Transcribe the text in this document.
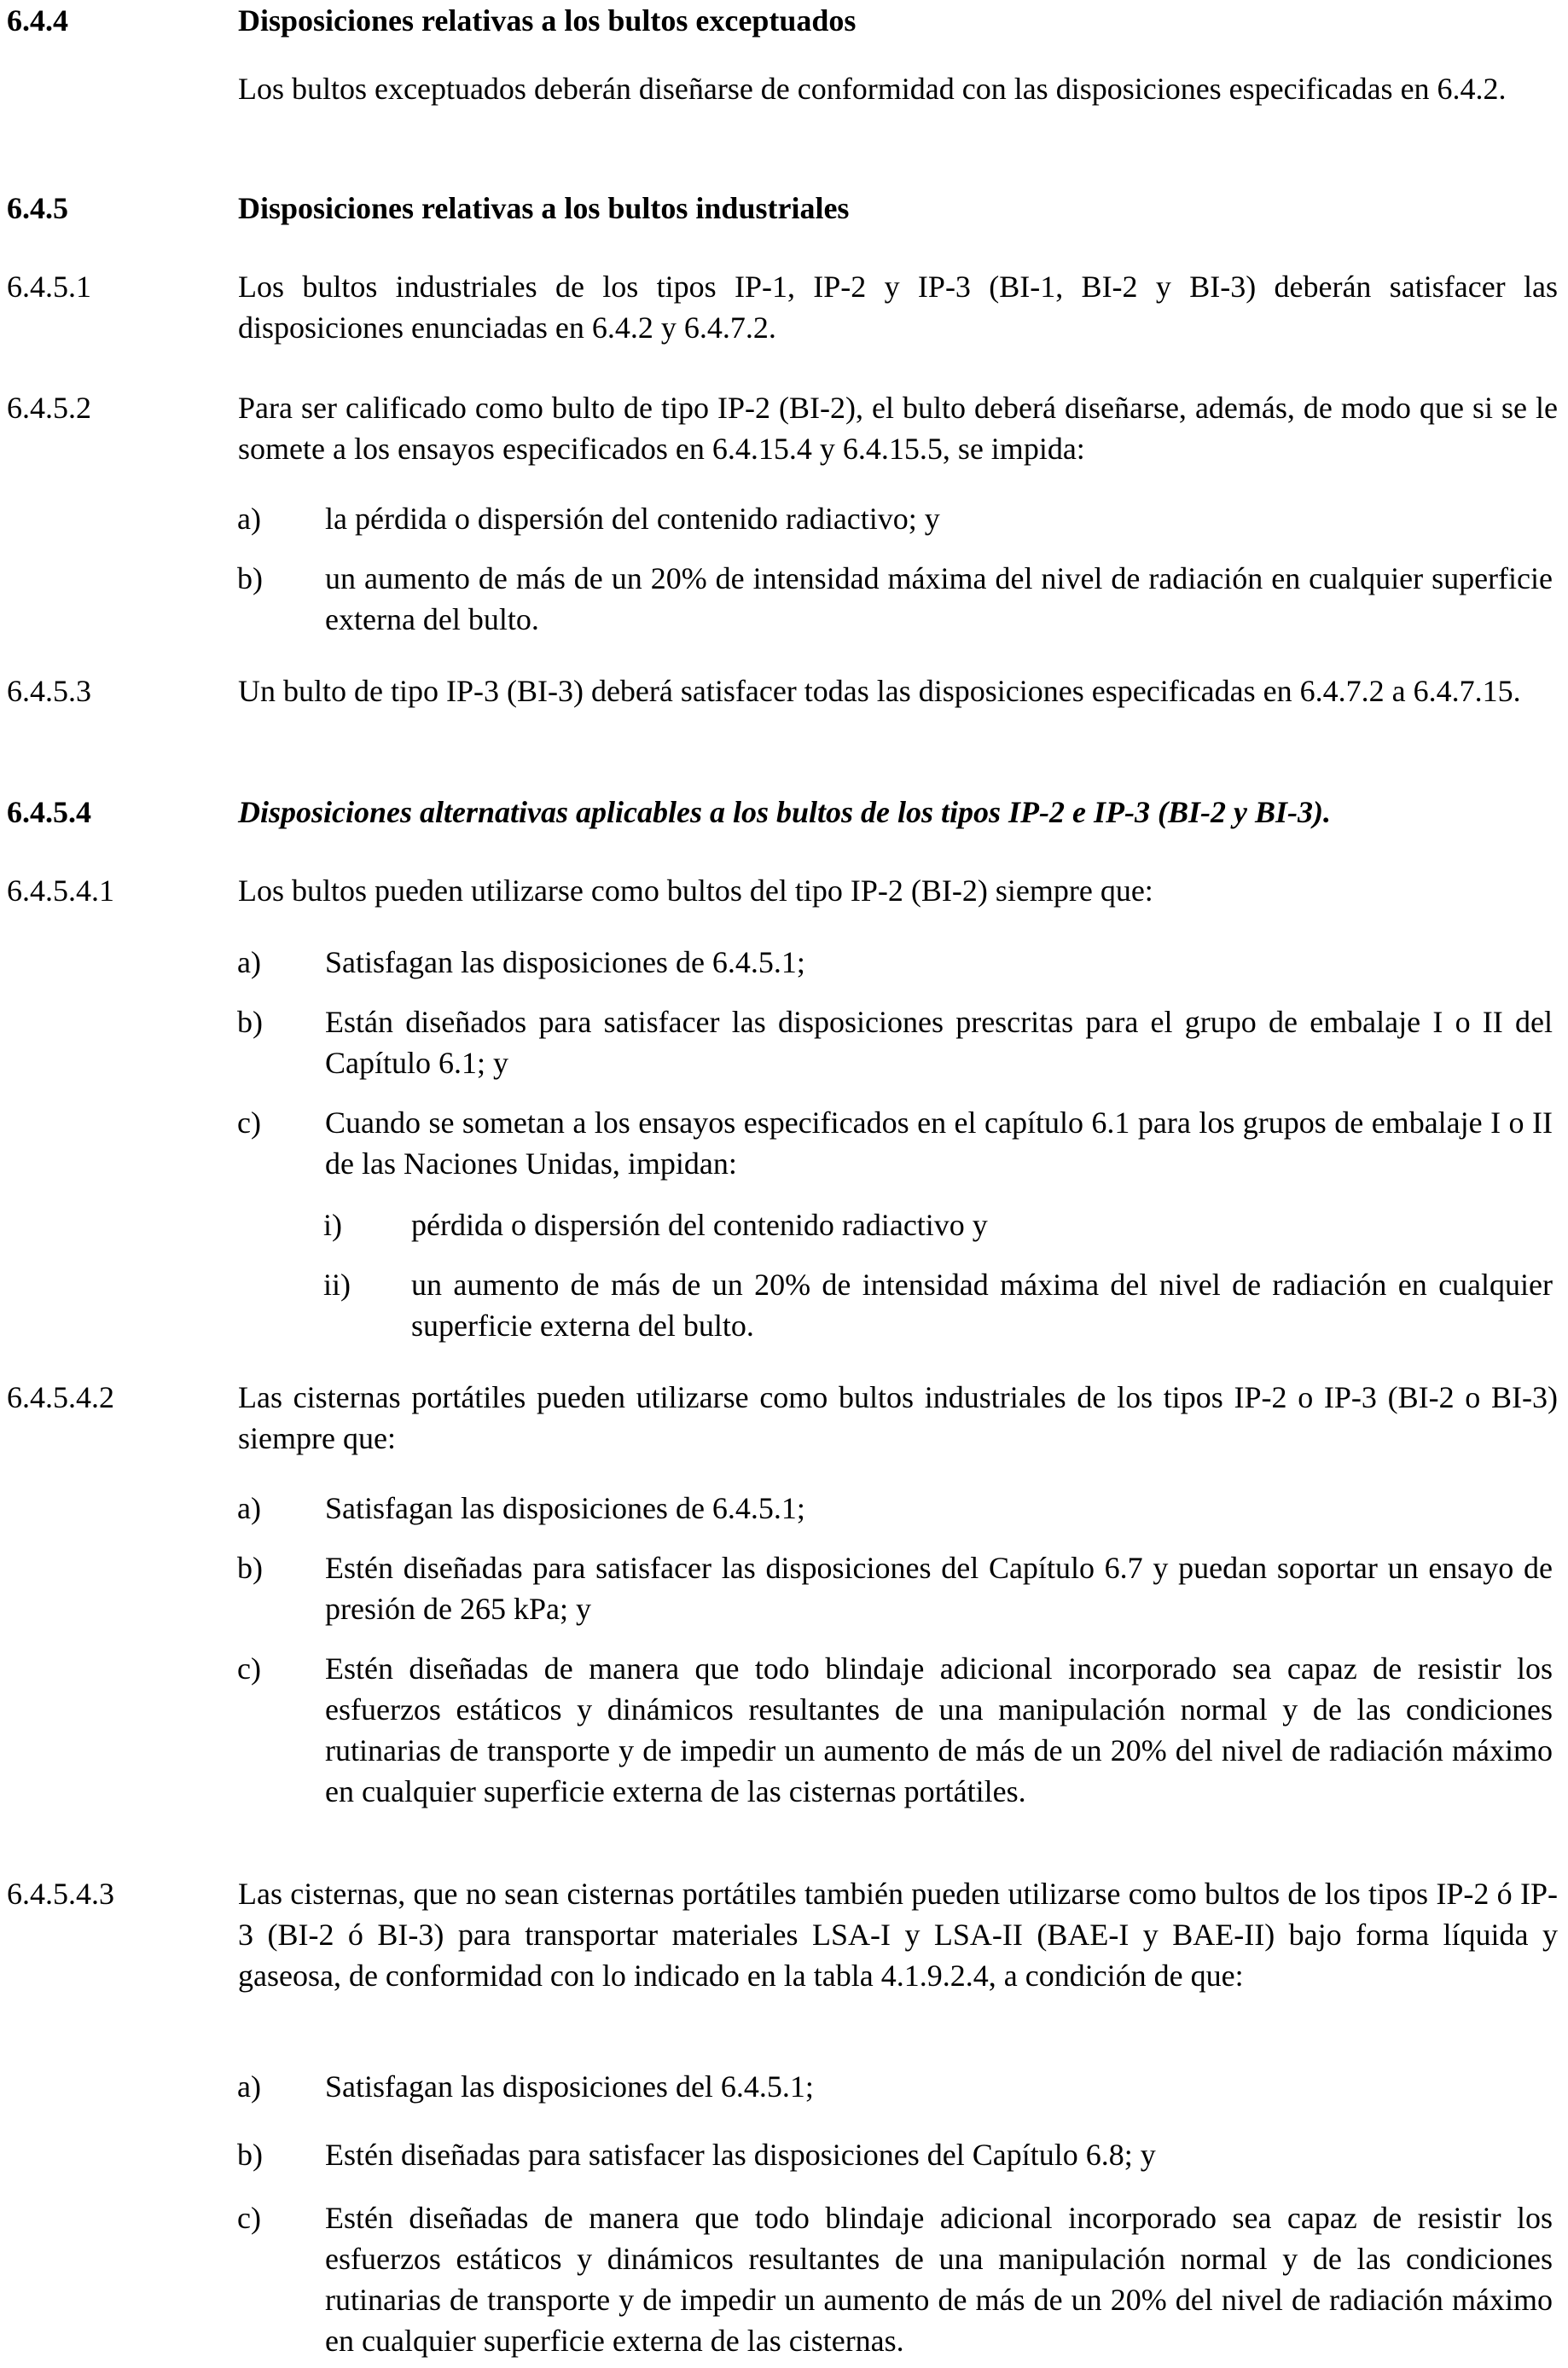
6.4.4	Disposiciones relativas a los bultos exceptuados
Los bultos exceptuados deberán diseñarse de conformidad con las disposiciones especificadas en 6.4.2.
6.4.5	Disposiciones relativas a los bultos industriales
6.4.5.1	Los bultos industriales de los tipos IP-1, IP-2 y IP-3 (BI-1, BI-2 y BI-3) deberán satisfacer las disposiciones enunciadas en 6.4.2 y 6.4.7.2.
6.4.5.2	Para ser calificado como bulto de tipo IP-2 (BI-2), el bulto deberá diseñarse, además, de modo que si se le somete a los ensayos especificados en 6.4.15.4 y 6.4.15.5, se impida:
a)	la pérdida o dispersión del contenido radiactivo; y
b)	un aumento de más de un 20% de intensidad máxima del nivel de radiación en cualquier superficie externa del bulto.
6.4.5.3	Un bulto de tipo IP-3 (BI-3) deberá satisfacer todas las disposiciones especificadas en 6.4.7.2 a 6.4.7.15.
6.4.5.4	Disposiciones alternativas aplicables a los bultos de los tipos IP-2 e IP-3 (BI-2 y BI-3).
6.4.5.4.1	Los bultos pueden utilizarse como bultos del tipo IP-2 (BI-2) siempre que:
a)	Satisfagan las disposiciones de 6.4.5.1;
b)	Están diseñados para satisfacer las disposiciones prescritas para el grupo de embalaje I o II del Capítulo 6.1; y
c)	Cuando se sometan a los ensayos especificados en el capítulo 6.1 para los grupos de embalaje I o II de las Naciones Unidas, impidan:
i)	pérdida o dispersión del contenido radiactivo y
ii)	un aumento de más de un 20% de intensidad máxima del nivel de radiación en cualquier superficie externa del bulto.
6.4.5.4.2	Las cisternas portátiles pueden utilizarse como bultos industriales de los tipos IP-2 o IP-3 (BI-2 o BI-3) siempre que:
a)	Satisfagan las disposiciones de 6.4.5.1;
b)	Estén diseñadas para satisfacer las disposiciones del Capítulo 6.7 y puedan soportar un ensayo de presión de 265 kPa; y
c)	Estén diseñadas de manera que todo blindaje adicional incorporado sea capaz de resistir los esfuerzos estáticos y dinámicos resultantes de una manipulación normal y de las condiciones rutinarias de transporte y de impedir un aumento de más de un 20% del nivel de radiación máximo en cualquier superficie externa de las cisternas portátiles.
6.4.5.4.3	Las cisternas, que no sean cisternas portátiles también pueden utilizarse como bultos de los tipos IP-2 ó IP-3 (BI-2 ó BI-3) para transportar materiales LSA-I y LSA-II (BAE-I y BAE-II) bajo forma líquida y gaseosa, de conformidad con lo indicado en la tabla 4.1.9.2.4, a condición de que:
a)	Satisfagan las disposiciones del 6.4.5.1;
b)	Estén diseñadas para satisfacer las disposiciones del Capítulo 6.8; y
c)	Estén diseñadas de manera que todo blindaje adicional incorporado sea capaz de resistir los esfuerzos estáticos y dinámicos resultantes de una manipulación normal y de las condiciones rutinarias de transporte y de impedir un aumento de más de un 20% del nivel de radiación máximo en cualquier superficie externa de las cisternas.
